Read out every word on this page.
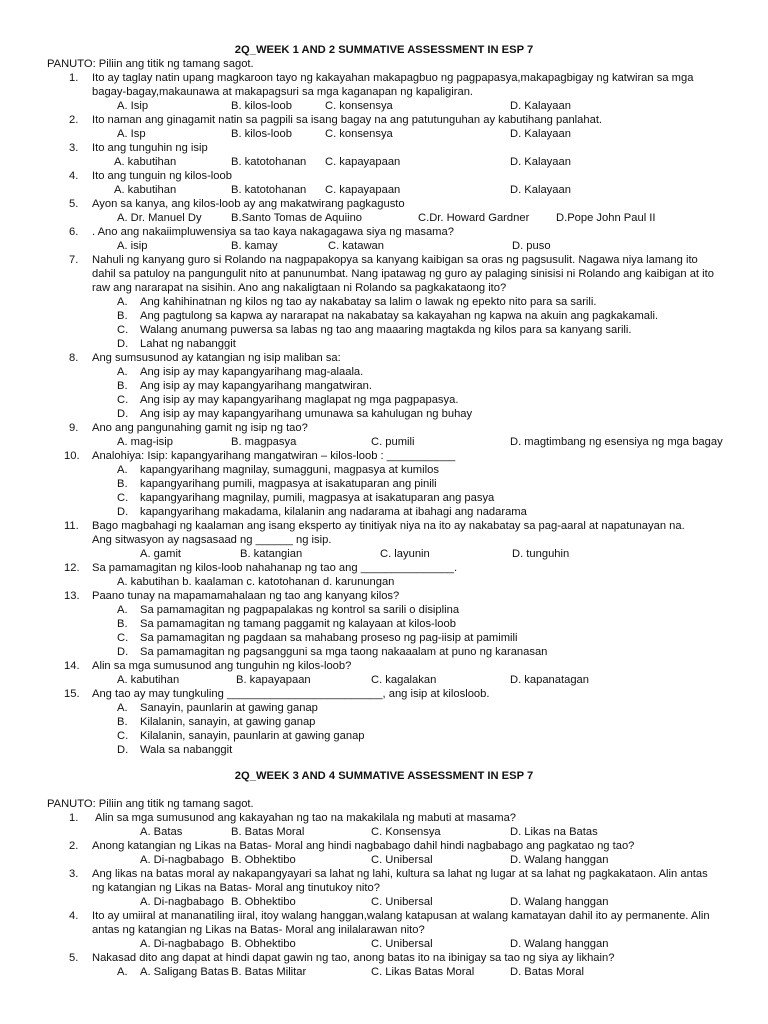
2Q_WEEK 1 AND 2 SUMMATIVE ASSESSMENT IN ESP 7
PANUTO: Piliin ang titik ng tamang sagot.
1. Ito ay taglay natin upang magkaroon tayo ng kakayahan makapagbuo ng pagpapasya,makapagbigay ng katwiran sa mga bagay-bagay,makaunawa at makapagsuri sa mga kaganapan ng kapaligiran.
A. Isip	B. kilos-loob	C. konsensya	D. Kalayaan
2. Ito naman ang ginagamit natin sa pagpili sa isang bagay na ang patutunguhan ay kabutihang panlahat.
A. Isp	B. kilos-loob	C. konsensya	D. Kalayaan
3. Ito ang tunguhin ng isip
A. kabutihan	B. katotohanan C. kapayapaan	D. Kalayaan
4. Ito ang tunguin ng kilos-loob
A. kabutihan	B. katotohanan C. kapayapaan	D. Kalayaan
5. Ayon sa kanya, ang kilos-loob ay ang makatwirang pagkagusto
A. Dr. Manuel Dy	B.Santo Tomas de Aquiino	C.Dr. Howard Gardner D.Pope John Paul II
6. . Ano ang nakaiimpluwensiya sa tao kaya nakagagawa siya ng masama?
A. isip	B. kamay	C. katawan	D. puso
7. Nahuli ng kanyang guro si Rolando na nagpapakopya sa kanyang kaibigan sa oras ng pagsusulit. Nagawa niya lamang ito dahil sa patuloy na pangungulit nito at panunumbat. Nang ipatawag ng guro ay palaging sinisisi ni Rolando ang kaibigan at ito raw ang nararapat na sisihin. Ano ang nakaligtaan ni Rolando sa pagkakataong ito?
A. Ang kahihinatnan ng kilos ng tao ay nakabatay sa lalim o lawak ng epekto nito para sa sarili.
B. Ang pagtulong sa kapwa ay nararapat na nakabatay sa kakayahan ng kapwa na akuin ang pagkakamali.
C. Walang anumang puwersa sa labas ng tao ang maaaring magtakda ng kilos para sa kanyang sarili.
D. Lahat ng nabanggit
8. Ang sumsusunod ay katangian ng isip maliban sa:
A. Ang isip ay may kapangyarihang mag-alaala.
B. Ang isip ay may kapangyarihang mangatwiran.
C. Ang isip ay may kapangyarihang maglapat ng mga pagpapasya.
D. Ang isip ay may kapangyarihang umunawa sa kahulugan ng buhay
9. Ano ang pangunahing gamit ng isip ng tao?
A. mag-isip	B. magpasya	C. pumili	D. magtimbang ng esensiya ng mga bagay
10. Analohiya: Isip: kapangyarihang mangatwiran – kilos-loob : ___________
A. kapangyarihang magnilay, sumagguni, magpasya at kumilos
B. kapangyarihang pumili, magpasya at isakatuparan ang pinili
C. kapangyarihang magnilay, pumili, magpasya at isakatuparan ang pasya
D. kapangyarihang makadama, kilalanin ang nadarama at ibahagi ang nadarama
11. Bago magbahagi ng kaalaman ang isang eksperto ay tinitiyak niya na ito ay nakabatay sa pag-aaral at napatunayan na. Ang sitwasyon ay nagsasaad ng ______ ng isip.
A. gamit	B. katangian	C. layunin	D. tunguhin
12. Sa pamamagitan ng kilos-loob nahahanap ng tao ang _______________.
A. kabutihan b. kaalaman c. katotohanan d. karunungan
13. Paano tunay na mapamamahalaan ng tao ang kanyang kilos?
A. Sa pamamagitan ng pagpapalakas ng kontrol sa sarili o disiplina
B. Sa pamamagitan ng tamang paggamit ng kalayaan at kilos-loob
C. Sa pamamagitan ng pagdaan sa mahabang proseso ng pag-iisip at pamimili
D. Sa pamamagitan ng pagsangguni sa mga taong nakaaalam at puno ng karanasan
14. Alin sa mga sumusunod ang tunguhin ng kilos-loob?
A. kabutihan	B. kapayapaan	C. kagalakan	D. kapanatagan
15. Ang tao ay may tungkuling _________________________, ang isip at kilosloob.
A. Sanayin, paunlarin at gawing ganap
B. Kilalanin, sanayin, at gawing ganap
C. Kilalanin, sanayin, paunlarin at gawing ganap
D. Wala sa nabanggit
2Q_WEEK 3 AND 4 SUMMATIVE ASSESSMENT IN ESP 7
PANUTO: Piliin ang titik ng tamang sagot.
1. Alin sa mga sumusunod ang kakayahan ng tao na makakilala ng mabuti at masama?
A. Batas	B. Batas Moral	C. Konsensya	D. Likas na Batas
2. Anong katangian ng Likas na Batas- Moral ang hindi nagbabago dahil hindi nagbabago ang pagkatao ng tao?
A. Di-nagbabago B. Obhektibo	C. Unibersal	D. Walang hanggan
3. Ang likas na batas moral ay nakapangyayari sa lahat ng lahi, kultura sa lahat ng lugar at sa lahat ng pagkakataon. Alin antas ng katangian ng Likas na Batas- Moral ang tinutukoy nito?
A. Di-nagbabago B. Obhektibo	C. Unibersal	D. Walang hanggan
4. Ito ay umiiral at mananatiling iiral, itoy walang hanggan,walang katapusan at walang kamatayan dahil ito ay permanente. Alin antas ng katangian ng Likas na Batas- Moral ang inilalarawan nito?
A. Di-nagbabago B. Obhektibo	C. Unibersal	D. Walang hanggan
5. Nakasad dito ang dapat at hindi dapat gawin ng tao, anong batas ito na ibinigay sa tao ng siya ay likhain?
A. A. Saligang Batas B. Batas Militar	C. Likas Batas Moral	D. Batas Moral
